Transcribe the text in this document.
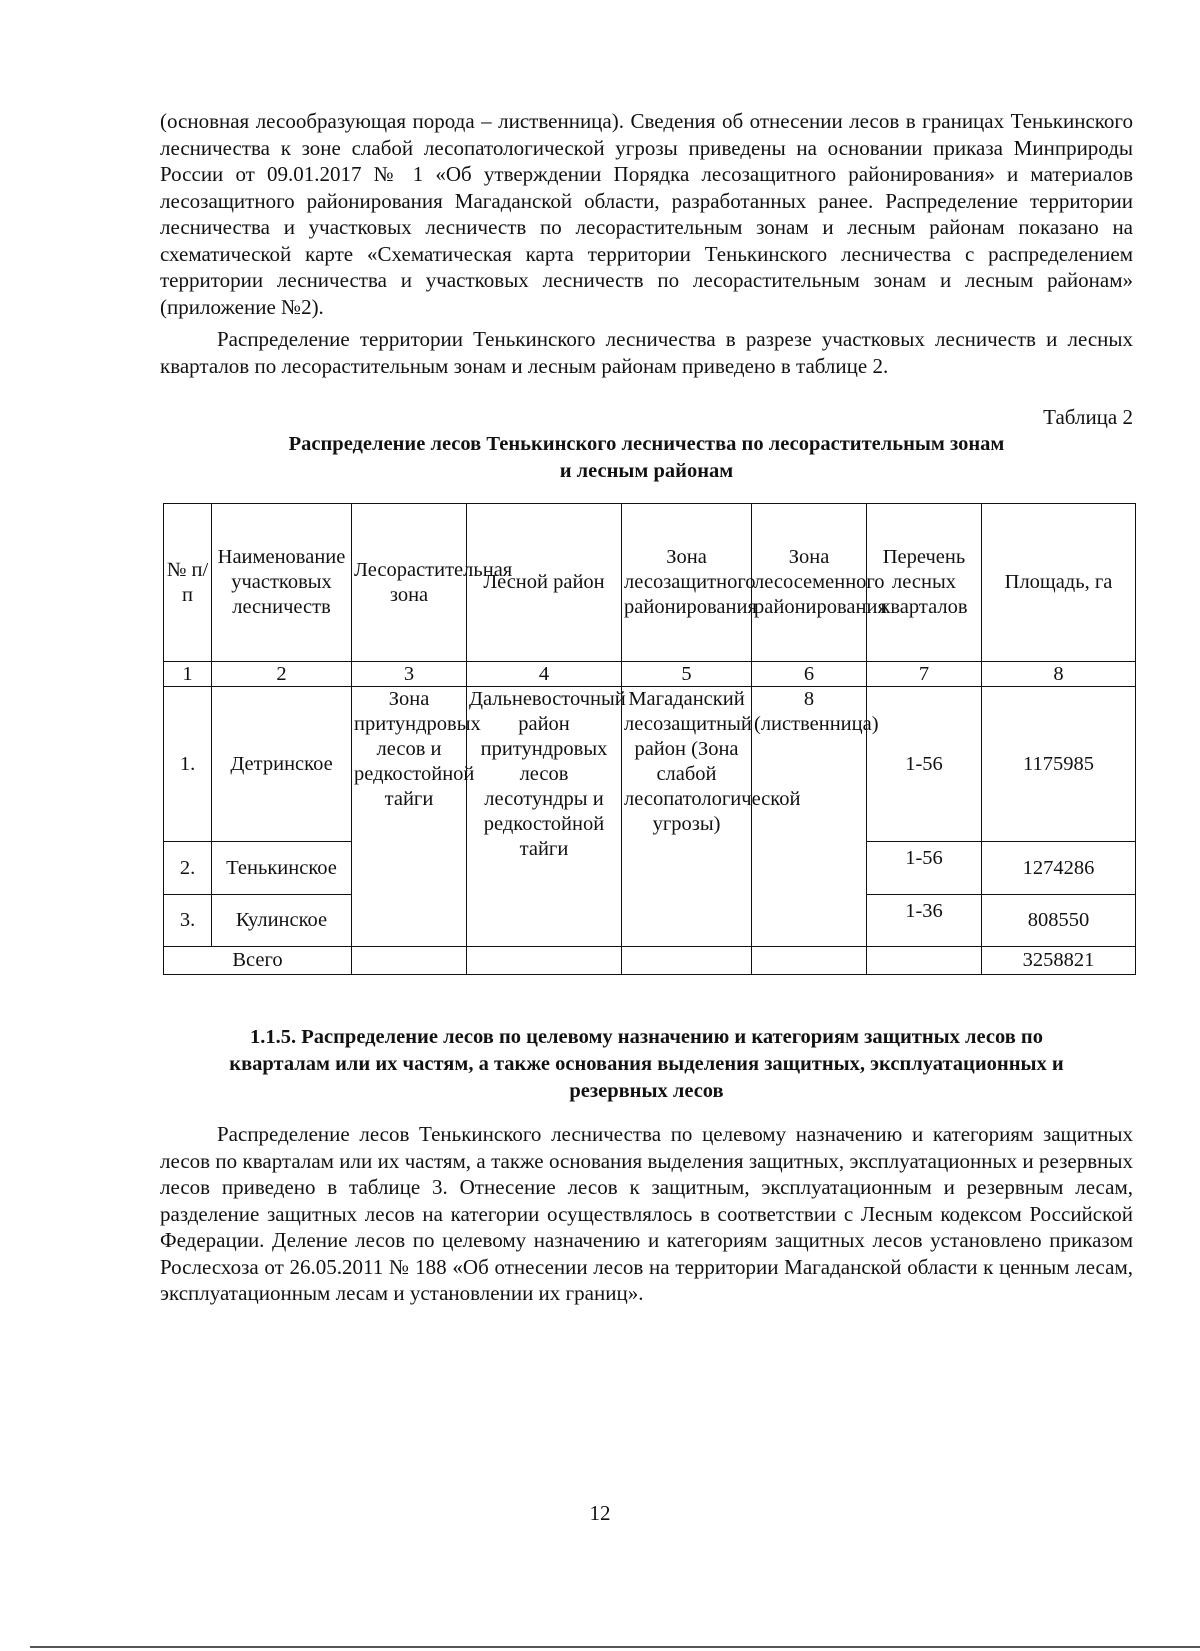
(основная лесообразующая порода – лиственница). Сведения об отнесении лесов в границах Тенькинского лесничества к зоне слабой лесопатологической угрозы приведены на основании приказа Минприроды России от 09.01.2017 № 1 «Об утверждении Порядка лесозащитного районирования» и материалов лесозащитного районирования Магаданской области, разработанных ранее. Распределение территории лесничества и участковых лесничеств по лесорастительным зонам и лесным районам показано на схематической карте «Схематическая карта территории Тенькинского лесничества с распределением территории лесничества и участковых лесничеств по лесорастительным зонам и лесным районам» (приложение №2).

Распределение территории Тенькинского лесничества в разрезе участковых лесничеств и лесных кварталов по лесорастительным зонам и лесным районам приведено в таблице 2.

Таблица 2

Распределение лесов Тенькинского лесничества по лесорастительным зонам
и лесным районам
№ п/ п	Наименование участковых лесничеств	Лесорастительная зона	Лесной район	Зона лесозащитного районирования	Зона лесосеменного районирования	Перечень лесных кварталов	Площадь, га
1	2	3	4	5	6	7	8
1.	Детринское	Зона притундровых лесов и редкостойной тайги	Дальневосточный район притундровых лесов лесотундры и редкостойной тайги	Магаданский лесозащитный район (Зона слабой лесопатологической угрозы)	8 (лиственница)	1-56	1175985
2.	Тенькинское					1-56	1274286
3.	Кулинское					1-36	808550
Всего							3258821
1.1.5. Распределение лесов по целевому назначению и категориям защитных лесов по
кварталам или их частям, а также основания выделения защитных, эксплуатационных и
резервных лесов

Распределение лесов Тенькинского лесничества по целевому назначению и категориям защитных лесов по кварталам или их частям, а также основания выделения защитных, эксплуатационных и резервных лесов приведено в таблице 3. Отнесение лесов к защитным, эксплуатационным и резервным лесам, разделение защитных лесов на категории осуществлялось в соответствии с Лесным кодексом Российской Федерации. Деление лесов по целевому назначению и категориям защитных лесов установлено приказом Рослесхоза от 26.05.2011 № 188 «Об отнесении лесов на территории Магаданской области к ценным лесам, эксплуатационным лесам и установлении их границ».

12
